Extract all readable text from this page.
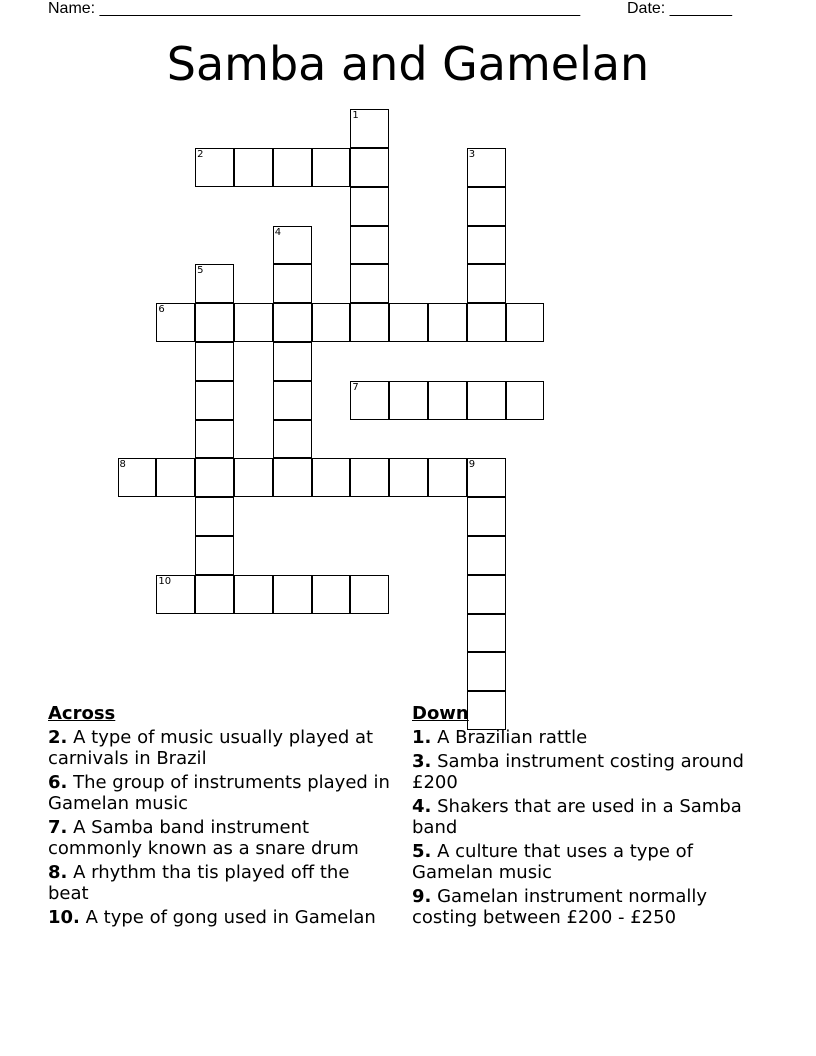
Name: ______________________________________________________	Date: _______
Samba and Gamelan
1
2	3
4
5
6
7
8	9
10
Across
2. A type of music usually played at carnivals in Brazil
6. The group of instruments played in Gamelan music
7. A Samba band instrument commonly known as a snare drum
8. A rhythm tha tis played off the beat
10. A type of gong used in Gamelan
Down
1. A Brazilian rattle
3. Samba instrument costing around £200
4. Shakers that are used in a Samba band
5. A culture that uses a type of Gamelan music
9. Gamelan instrument normally costing between £200 - £250
